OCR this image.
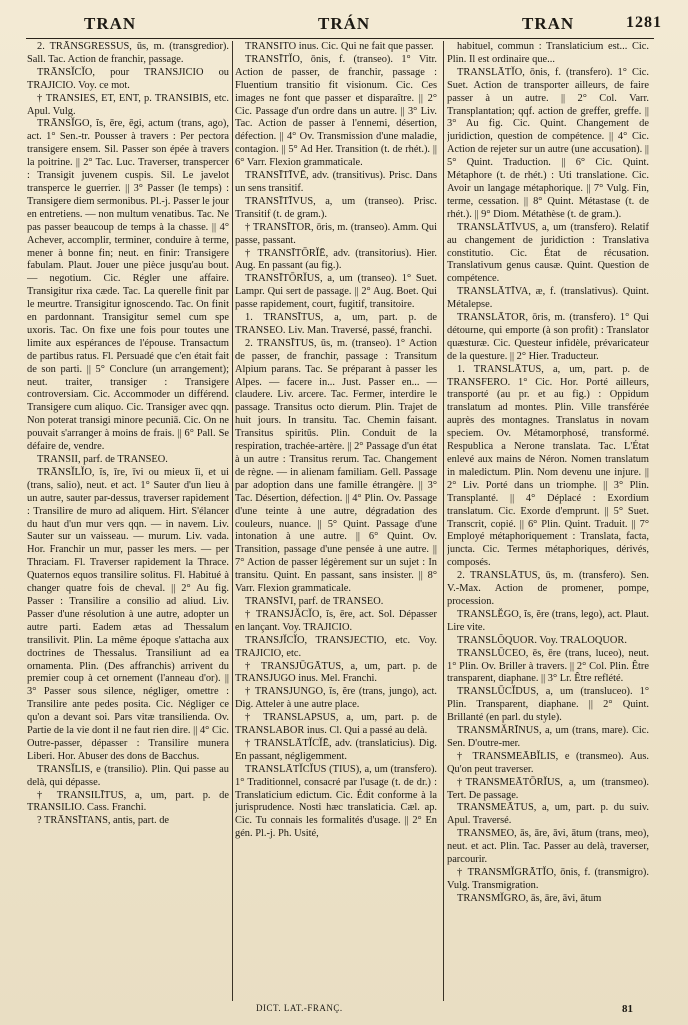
TRAN	TRÁN	TRAN	1281

2. TRĀNSGRESSUS, ūs, m. (transgredior). Sall. Tac. Action de franchir, passage.

TRĀNSĬCĬO, pour TRANSJICIO ou TRAJICIO. Voy. ce mot.

† TRANSIES, ET, ENT, p. TRANSIBIS, etc. Apul. Vulg.

TRĀNSĬGO, ĭs, ēre, ēgi, actum (trans, ago), act. 1° Sen.-tr. Pousser à travers : Per pectora transigere ensem. Sil. Passer son épée à travers la poitrine. || 2° Tac. Luc. Traverser, transpercer : Transigit juvenem cuspis. Sil. Le javelot transperce le guerrier. || 3° Passer (le temps) : Transigere diem sermonibus. Pl.-j. Passer le jour en entretiens. — non multum venatibus. Tac. Ne pas passer beaucoup de temps à la chasse. || 4° Achever, accomplir, terminer, conduire à terme, mener à bonne fin; neut. en finir: Transigere fabulam. Plaut. Jouer une pièce jusqu'au bout. — negotium. Cic. Régler une affaire. Transigitur rixa cæde. Tac. La querelle finit par le meurtre. Transigitur ignoscendo. Tac. On finit en pardonnant. Transigitur semel cum spe uxoris. Tac. On fixe une fois pour toutes une limite aux espérances de l'épouse. Transactum de partibus ratus. Fl. Persuadé que c'en était fait de son parti. || 5° Conclure (un arrangement); neut. traiter, transiger : Transigere controversiam. Cic. Accommoder un différend. Transigere cum aliquo. Cic. Transiger avec qqn. Non poterat transigi minore pecuniā. Cic. On ne pouvait s'arranger à moins de frais. || 6° Pall. Se défaire de, vendre.

TRANSII, parf. de TRANSEO.

TRĀNSĬLĬO, ĭs, īre, īvi ou mieux ĭi, et ui (trans, salio), neut. et act. 1° Sauter d'un lieu à un autre, sauter par-dessus, traverser rapidement : Transilire de muro ad aliquem. Hirt. S'élancer du haut d'un mur vers qqn. — in navem. Liv. Sauter sur un vaisseau. — murum. Liv. vada. Hor. Franchir un mur, passer les mers. — per Thraciam. Fl. Traverser rapidement la Thrace. Quaternos equos transilire solitus. Fl. Habitué à changer quatre fois de cheval. || 2° Au fig. Passer : Transilire a consilio ad aliud. Liv. Passer d'une résolution à une autre, adopter un autre parti. Eadem ætas ad Thessalum transilivit. Plin. La même époque s'attacha aux doctrines de Thessalus. Transiliunt ad ea ornamenta. Plin. (Des affranchis) arrivent du premier coup à cet ornement (l'anneau d'or). || 3° Passer sous silence, négliger, omettre : Transilire ante pedes posita. Cic. Négliger ce qu'on a devant soi. Pars vitæ transilienda. Ov. Partie de la vie dont il ne faut rien dire. || 4° Cic. Outre-passer, dépasser : Transilire munera Liberi. Hor. Abuser des dons de Bacchus.

TRANSĬLIS, e (transilio). Plin. Qui passe au delà, qui dépasse.

† TRANSILĪTUS, a, um, part. p. de TRANSILIO. Cass. Franchi.

? TRĀNSĪTANS, antis, part. de

TRANSITO inus. Cic. Qui ne fait que passer.

TRANSĪTĬO, ōnis, f. (transeo). 1° Vitr. Action de passer, de franchir, passage : Fluentium transitio fit visionum. Cic. Ces images ne font que passer et disparaître. || 2° Cic. Passage d'un ordre dans un autre. || 3° Liv. Tac. Action de passer à l'ennemi, désertion, défection. || 4° Ov. Transmission d'une maladie, contagion. || 5° Ad Her. Transition (t. de rhét.). || 6° Varr. Flexion grammaticale.

TRANSĪTĪVĒ, adv. (transitivus). Prisc. Dans un sens transitif.

TRANSĪTĪVUS, a, um (transeo). Prisc. Transitif (t. de gram.).

† TRANSĪTOR, ōris, m. (transeo). Amm. Qui passe, passant.

† TRANSĪTŌRĬĒ, adv. (transitorius). Hier. Aug. En passant (au fig.).

TRANSĪTŌRĬUS, a, um (transeo). 1° Suet. Lampr. Qui sert de passage. || 2° Aug. Boet. Qui passe rapidement, court, fugitif, transitoire.

1. TRANSĪTUS, a, um, part. p. de TRANSEO. Liv. Man. Traversé, passé, franchi.

2. TRANSĪTUS, ūs, m. (transeo). 1° Action de passer, de franchir, passage : Transitum Alpium parans. Tac. Se préparant à passer les Alpes. — facere in... Just. Passer en... — claudere. Liv. arcere. Tac. Fermer, interdire le passage. Transitus octo dierum. Plin. Trajet de huit jours. In transitu. Tac. Chemin faisant. Transitus spiritūs. Plin. Conduit de la respiration, trachée-artère. || 2° Passage d'un état à un autre : Transitus rerum. Tac. Changement de règne. — in alienam familiam. Gell. Passage par adoption dans une famille étrangère. || 3° Tac. Désertion, défection. || 4° Plin. Ov. Passage d'une teinte à une autre, dégradation des couleurs, nuance. || 5° Quint. Passage d'une intonation à une autre. || 6° Quint. Ov. Transition, passage d'une pensée à une autre. || 7° Action de passer légèrement sur un sujet : In transitu. Quint. En passant, sans insister. || 8° Varr. Flexion grammaticale.

TRANSĪVI, parf. de TRANSEO.

† TRANSJĂCĬO, ĭs, ēre, act. Sol. Dépasser en lançant. Voy. TRAJICIO.

TRANSJĬCĬO, TRANSJECTIO, etc. Voy. TRAJICIO, etc.

† TRANSJŪGĀTUS, a, um, part. p. de TRANSJUGO inus. Mel. Franchi.

† TRANSJUNGO, ĭs, ĕre (trans, jungo), act. Dig. Atteler à une autre place.

† TRANSLAPSUS, a, um, part. p. de TRANSLABOR inus. Cl. Qui a passé au delà.

† TRANSLĀTĬCĬĒ, adv. (translaticius). Dig. En passant, négligemment.

TRANSLĀTĬCĬUS (TIUS), a, um (transfero). 1° Traditionnel, consacré par l'usage (t. de dr.) : Translaticium edictum. Cic. Édit conforme à la jurisprudence. Nosti hæc translaticia. Cæl. ap. Cic. Tu connais les formalités d'usage. || 2° En gén. Pl.-j. Ph. Usité,

habituel, commun : Translaticium est... Cic. Plin. Il est ordinaire que...

TRANSLĀTĬO, ōnis, f. (transfero). 1° Cic. Suet. Action de transporter ailleurs, de faire passer à un autre. || 2° Col. Varr. Transplantation; qqf. action de greffer, greffe. || 3° Au fig. Cic. Quint. Changement de juridiction, question de compétence. || 4° Cic. Action de rejeter sur un autre (une accusation). || 5° Quint. Traduction. || 6° Cic. Quint. Métaphore (t. de rhét.) : Uti translatione. Cic. Avoir un langage métaphorique. || 7° Vulg. Fin, terme, cessation. || 8° Quint. Métastase (t. de rhét.). || 9° Diom. Métathèse (t. de gram.).

TRANSLĀTĪVUS, a, um (transfero). Relatif au changement de juridiction : Translativa constitutio. Cic. État de récusation. Translativum genus causæ. Quint. Question de compétence.

TRANSLĀTĪVA, æ, f. (translativus). Quint. Métalepse.

TRANSLĀTOR, ōris, m. (transfero). 1° Qui détourne, qui emporte (à son profit) : Translator quæsturæ. Cic. Questeur infidèle, prévaricateur de la questure. || 2° Hier. Traducteur.

1. TRANSLĀTUS, a, um, part. p. de TRANSFERO. 1° Cic. Hor. Porté ailleurs, transporté (au pr. et au fig.) : Oppidum translatum ad montes. Plin. Ville transférée auprès des montagnes. Translatus in novam speciem. Ov. Métamorphosé, transformé. Respublica a Nerone translata. Tac. L'État enlevé aux mains de Néron. Nomen translatum in maledictum. Plin. Nom devenu une injure. || 2° Liv. Porté dans un triomphe. || 3° Plin. Transplanté. || 4° Déplacé : Exordium translatum. Cic. Exorde d'emprunt. || 5° Suet. Transcrit, copié. || 6° Plin. Quint. Traduit. || 7° Employé métaphoriquement : Translata, facta, juncta. Cic. Termes métaphoriques, dérivés, composés.

2. TRANSLĀTUS, ūs, m. (transfero). Sen. V.-Max. Action de promener, pompe, procession.

TRANSLĔGO, ĭs, ĕre (trans, lego), act. Plaut. Lire vite.

TRANSLŎQUOR. Voy. TRALOQUOR.

TRANSLŪCEO, ēs, ēre (trans, luceo), neut. 1° Plin. Ov. Briller à travers. || 2° Col. Plin. Être transparent, diaphane. || 3° Lr. Être reflété.

TRANSLŪCĬDUS, a, um (transluceo). 1° Plin. Transparent, diaphane. || 2° Quint. Brillanté (en parl. du style).

TRANSMĂRĪNUS, a, um (trans, mare). Cic. Sen. D'outre-mer.

† TRANSMEĀBĬLIS, e (transmeo). Aus. Qu'on peut traverser.

†TRANSMEĀTŌRĬUS, a, um (transmeo). Tert. De passage.

TRANSMEĀTUS, a, um, part. p. du suiv. Apul. Traversé.

TRANSMEO, ās, āre, āvi, ātum (trans, meo), neut. et act. Plin. Tac. Passer au delà, traverser, parcourir.

† TRANSMĬGRĀTĬO, ōnis, f. (transmigro). Vulg. Transmigration.

TRANSMĬGRO, ās, āre, āvi, ātum

DICT. LAT.-FRANÇ.	81
